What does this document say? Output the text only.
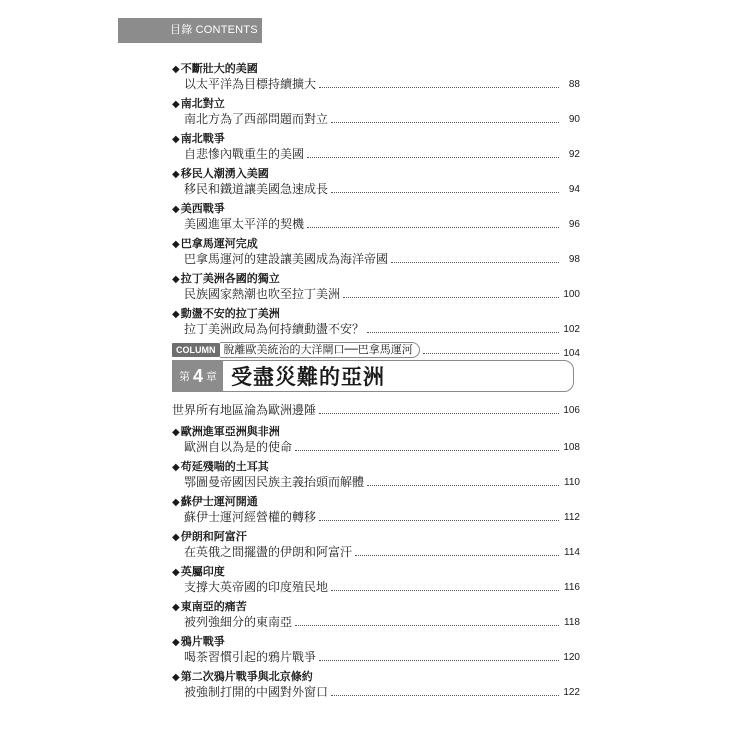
目錄 CONTENTS
◆不斷壯大的美國
以太平洋為目標持續擴大	88
◆南北對立
南北方為了西部問題而對立	90
◆南北戰爭
自悲慘內戰重生的美國	92
◆移民人潮湧入美國
移民和鐵道讓美國急速成長	94
◆美西戰爭
美國進軍太平洋的契機	96
◆巴拿馬運河完成
巴拿馬運河的建設讓美國成為海洋帝國	98
◆拉丁美洲各國的獨立
民族國家熱潮也吹至拉丁美洲	100
◆動盪不安的拉丁美洲
拉丁美洲政局為何持續動盪不安？	102
COLUMN 脫離歐美統治的大洋閘口──巴拿馬運河	104
第 4 章 受盡災難的亞洲
世界所有地區淪為歐洲邊陲	106
◆歐洲進軍亞洲與非洲
歐洲自以為是的使命	108
◆苟延殘喘的土耳其
鄂圖曼帝國因民族主義抬頭而解體	110
◆蘇伊士運河開通
蘇伊士運河經營權的轉移	112
◆伊朗和阿富汗
在英俄之間擺盪的伊朗和阿富汗	114
◆英屬印度
支撐大英帝國的印度殖民地	116
◆東南亞的痛苦
被列強細分的東南亞	118
◆鴉片戰爭
喝茶習慣引起的鴉片戰爭	120
◆第二次鴉片戰爭與北京條約
被強制打開的中國對外窗口	122
